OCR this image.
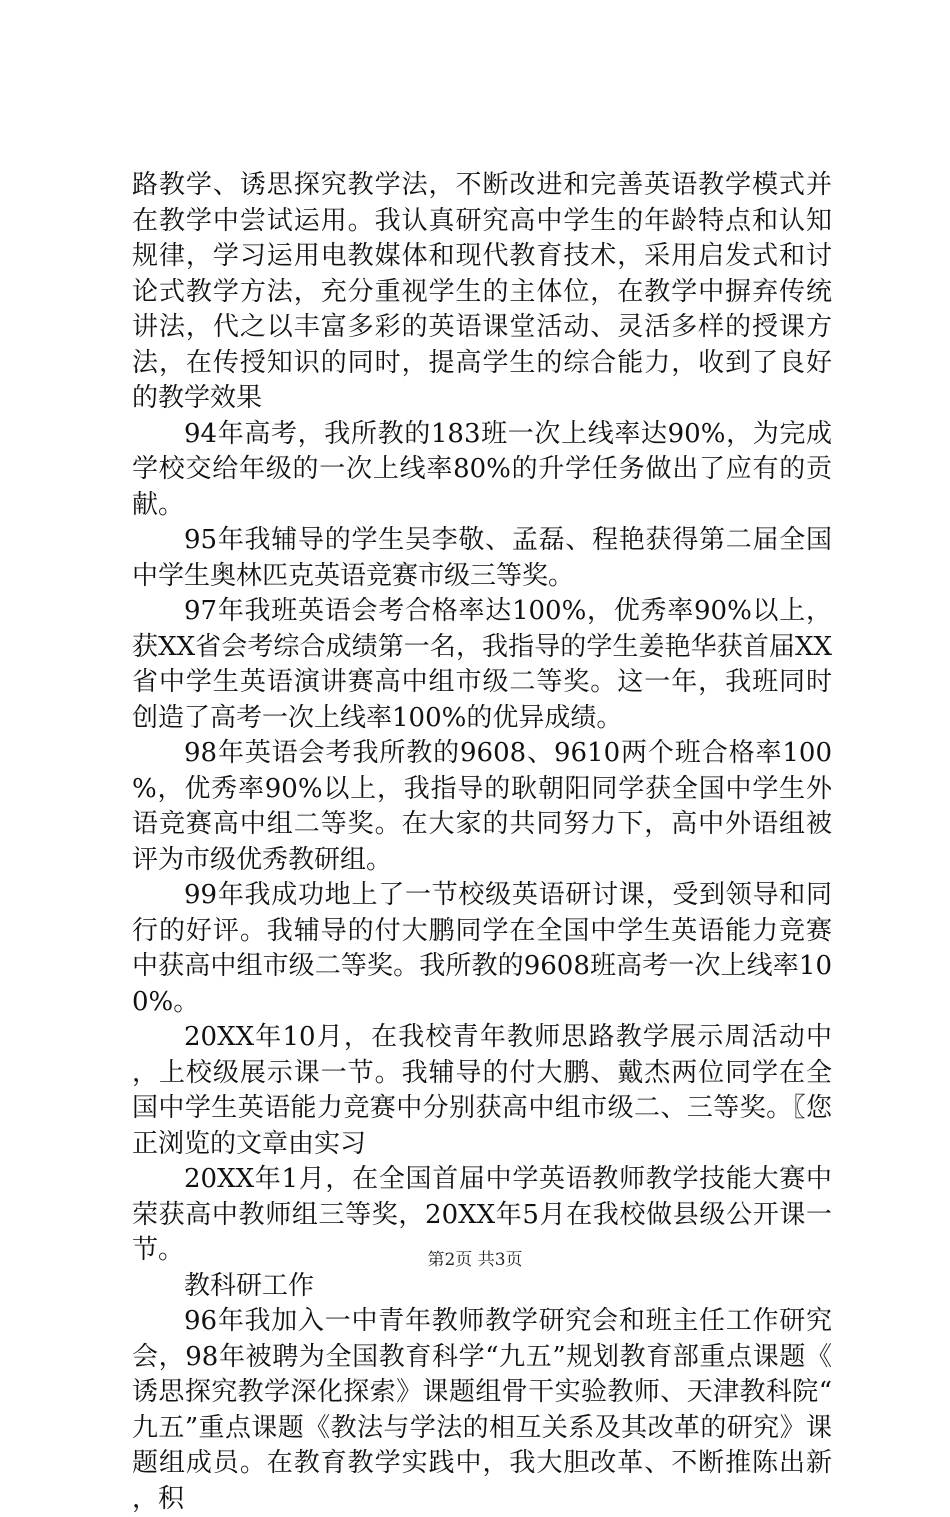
路教学、诱思探究教学法，不断改进和完善英语教学模式并在教学中尝试运用。我认真研究高中学生的年龄特点和认知规律，学习运用电教媒体和现代教育技术，采用启发式和讨论式教学方法，充分重视学生的主体位，在教学中摒弃传统讲法，代之以丰富多彩的英语课堂活动、灵活多样的授课方法，在传授知识的同时，提高学生的综合能力，收到了良好的教学效果

94年高考，我所教的183班一次上线率达90%，为完成学校交给年级的一次上线率80%的升学任务做出了应有的贡献。

95年我辅导的学生吴李敬、孟磊、程艳获得第二届全国中学生奥林匹克英语竞赛市级三等奖。

97年我班英语会考合格率达100%，优秀率90%以上，获XX省会考综合成绩第一名，我指导的学生姜艳华获首届XX省中学生英语演讲赛高中组市级二等奖。这一年，我班同时创造了高考一次上线率100%的优异成绩。

98年英语会考我所教的9608、9610两个班合格率100%，优秀率90%以上，我指导的耿朝阳同学获全国中学生外语竞赛高中组二等奖。在大家的共同努力下，高中外语组被评为市级优秀教研组。

99年我成功地上了一节校级英语研讨课，受到领导和同行的好评。我辅导的付大鹏同学在全国中学生英语能力竞赛中获高中组市级二等奖。我所教的9608班高考一次上线率100%。

20XX年10月，在我校青年教师思路教学展示周活动中，上校级展示课一节。我辅导的付大鹏、戴杰两位同学在全国中学生英语能力竞赛中分别获高中组市级二、三等奖。〖您正浏览的文章由实习

20XX年1月，在全国首届中学英语教师教学技能大赛中荣获高中教师组三等奖，20XX年5月在我校做县级公开课一节。

教科研工作

96年我加入一中青年教师教学研究会和班主任工作研究会，98年被聘为全国教育科学“九五”规划教育部重点课题《诱思探究教学深化探索》课题组骨干实验教师、天津教科院“九五”重点课题《教法与学法的相互关系及其改革的研究》课题组成员。在教育教学实践中，我大胆改革、不断推陈出新，积

第2页 共3页
